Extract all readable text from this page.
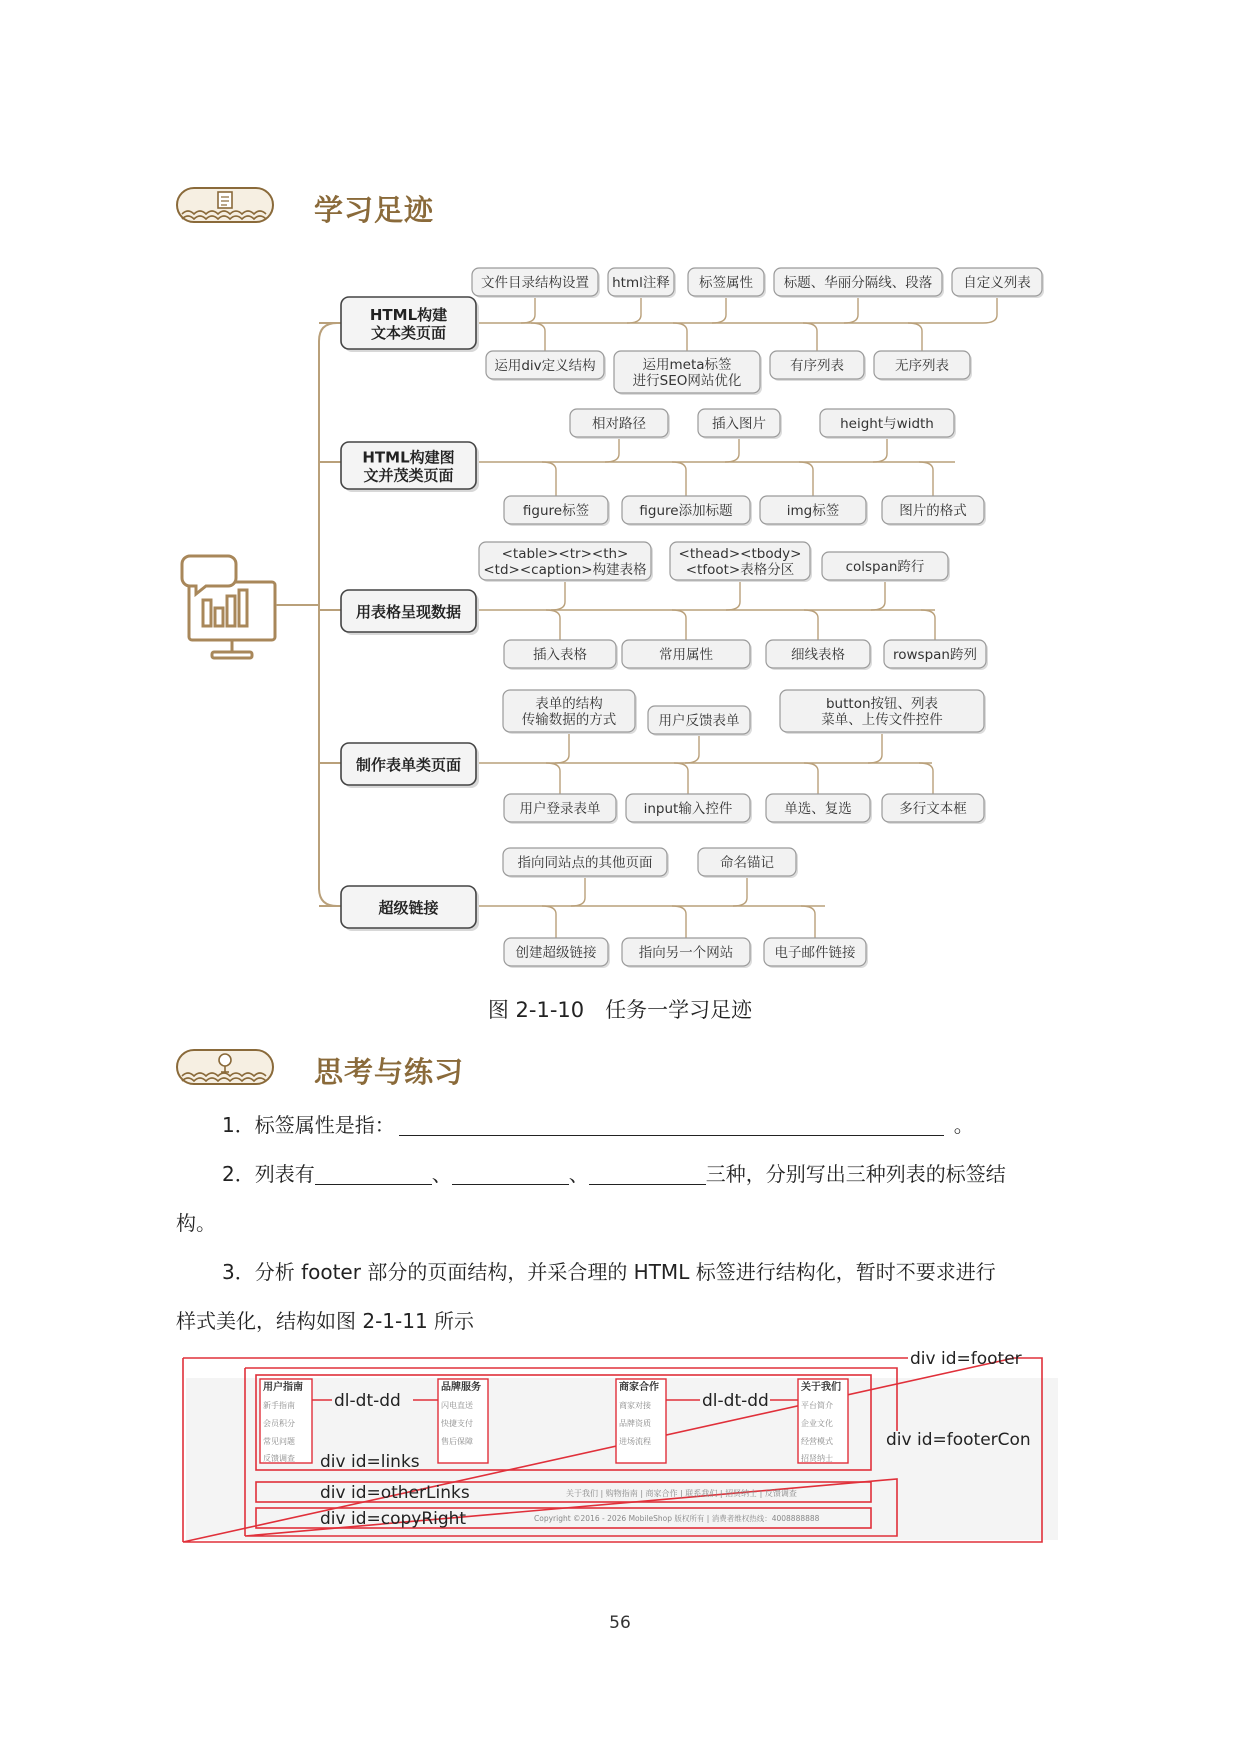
学习足迹
HTML构建
文本类页面
文件目录结构设置 html注释 标签属性 标题、华丽分隔线、段落 自定义列表
运用div定义结构	运用meta标签
进行SEO网站优化
有序列表	无序列表
HTML构建图
文并茂类页面
相对路径	插入图片	height与width
figure标签	figure添加标题	img标签	图片的格式
用表格呈现数据
<table><tr><th>
<td><caption>构建表格
<thead><tbody>
<tfoot>表格分区	colspan跨行
插入表格	常用属性	细线表格	rowspan跨列
制作表单类页面
表单的结构
传输数据的方式	用户反馈表单
button按钮、列表
菜单、上传文件控件
用户登录表单	input输入控件	单选、复选	多行文本框
超级链接
指向同站点的其他页面	命名锚记
创建超级链接	指向另一个网站	电子邮件链接
图 2-1-10　任务一学习足迹
思考与练习
1．标签属性是指：	。
2．列表有	、	、	三种，分别写出三种列表的标签结
构。
3．分析 footer 部分的页面结构，并采合理的 HTML 标签进行结构化，暂时不要求进行
样式美化，结构如图 2-1-11 所示
div id=footer
div id=footerCon
div id=links
dl-dt-dd	dl-dt-dd
div id=otherLinks
div id=copyRight
用户指南
新手指南
会员积分
常见问题
反馈调查
品牌服务
闪电直送
快捷支付
售后保障
商家合作
商家对接
品牌资质
进场流程
关于我们
平台简介
企业文化
经营模式
招贤纳士
关于我们 | 购物指南 | 商家合作 | 联系我们 | 招贤纳士 | 反馈调查
Copyright ©2016 - 2026 MobileShop 版权所有 | 消费者维权热线：4008888888
56
